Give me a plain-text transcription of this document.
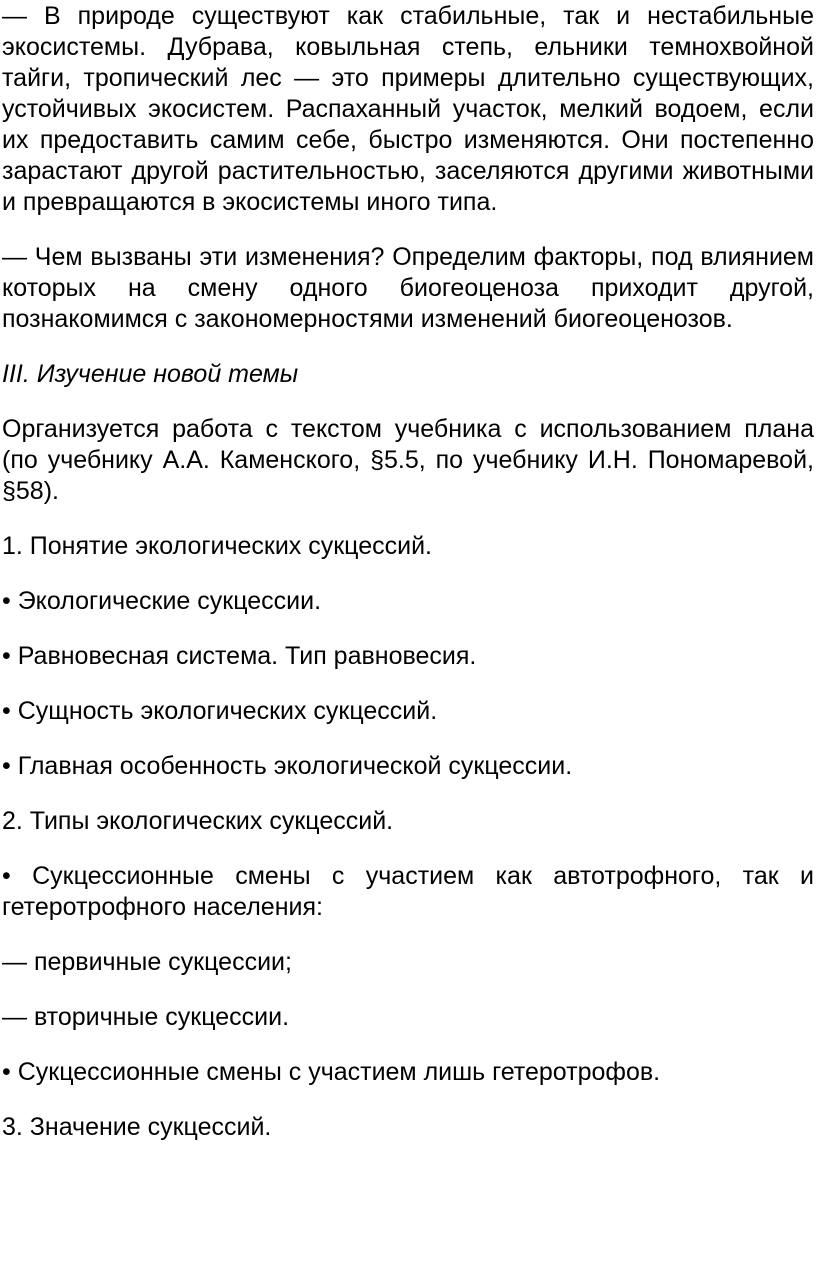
— В природе существуют как стабильные, так и нестабильные экосистемы. Дубрава, ковыльная степь, ельники темнохвойной тайги, тропический лес — это примеры длительно существующих, устойчивых экосистем. Распаханный участок, мелкий водоем, если их предоставить самим себе, быстро изменяются. Они постепенно зарастают другой растительностью, заселяются другими животными и превращаются в экосистемы иного типа.

— Чем вызваны эти изменения? Определим факторы, под влиянием которых на смену одного биогеоценоза приходит другой, познакомимся с закономерностями изменений биогеоценозов.

III. Изучение новой темы

Организуется работа с текстом учебника с использованием плана (по учебнику А.А. Каменского, §5.5, по учебнику И.Н. Пономаревой, §58).

1. Понятие экологических сукцессий.

• Экологические сукцессии.

• Равновесная система. Тип равновесия.

• Сущность экологических сукцессий.

• Главная особенность экологической сукцессии.

2. Типы экологических сукцессий.

• Сукцессионные смены с участием как автотрофного, так и гетеротрофного населения:

— первичные сукцессии;

— вторичные сукцессии.

• Сукцессионные смены с участием лишь гетеротрофов.

3. Значение сукцессий.
